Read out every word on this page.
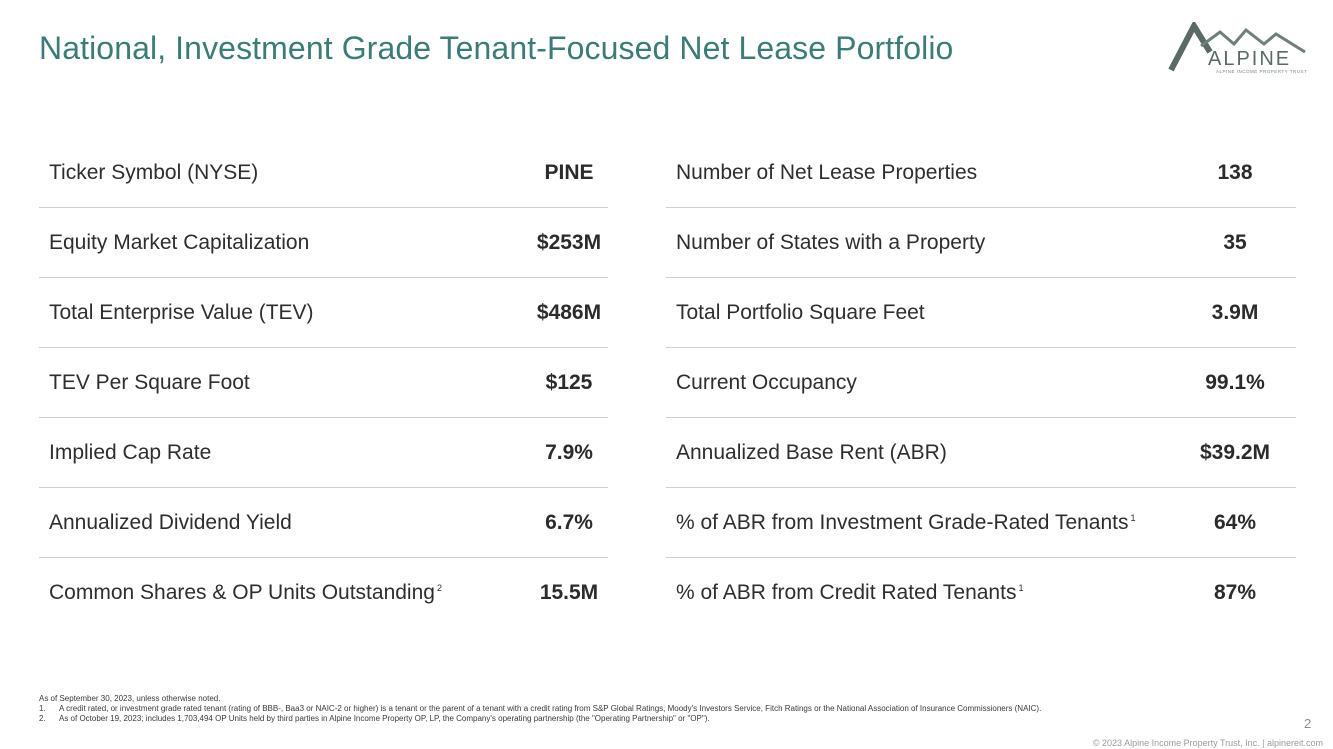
National, Investment Grade Tenant-Focused Net Lease Portfolio	ALPINE
ALPINE INCOME PROPERTY TRUST
Ticker Symbol (NYSE)	PINE
Equity Market Capitalization	$253M
Total Enterprise Value (TEV)	$486M
TEV Per Square Foot	$125
Implied Cap Rate	7.9%
Annualized Dividend Yield	6.7%
Common Shares & OP Units Outstanding $^2$	15.5M
Number of Net Lease Properties	138
Number of States with a Property	35
Total Portfolio Square Feet	3.9M
Current Occupancy	99.1%
Annualized Base Rent (ABR)	$39.2M
% of ABR from Investment Grade-Rated Tenants $^1$	64%
% of ABR from Credit Rated Tenants $^1$	87%
As of September 30, 2023, unless otherwise noted.
1. A credit rated, or investment grade rated tenant (rating of BBB-, Baa3 or NAIC-2 or higher) is a tenant or the parent of a tenant with a credit rating from S&P Global Ratings, Moody's Investors Service, Fitch Ratings or the National Association of Insurance Commissioners (NAIC).
2. As of October 19, 2023; includes 1,703,494 OP Units held by third parties in Alpine Income Property OP, LP, the Company's operating partnership (the "Operating Partnership" or "OP").	2
© 2023 Alpine Income Property Trust, Inc. | alpinereit.com
